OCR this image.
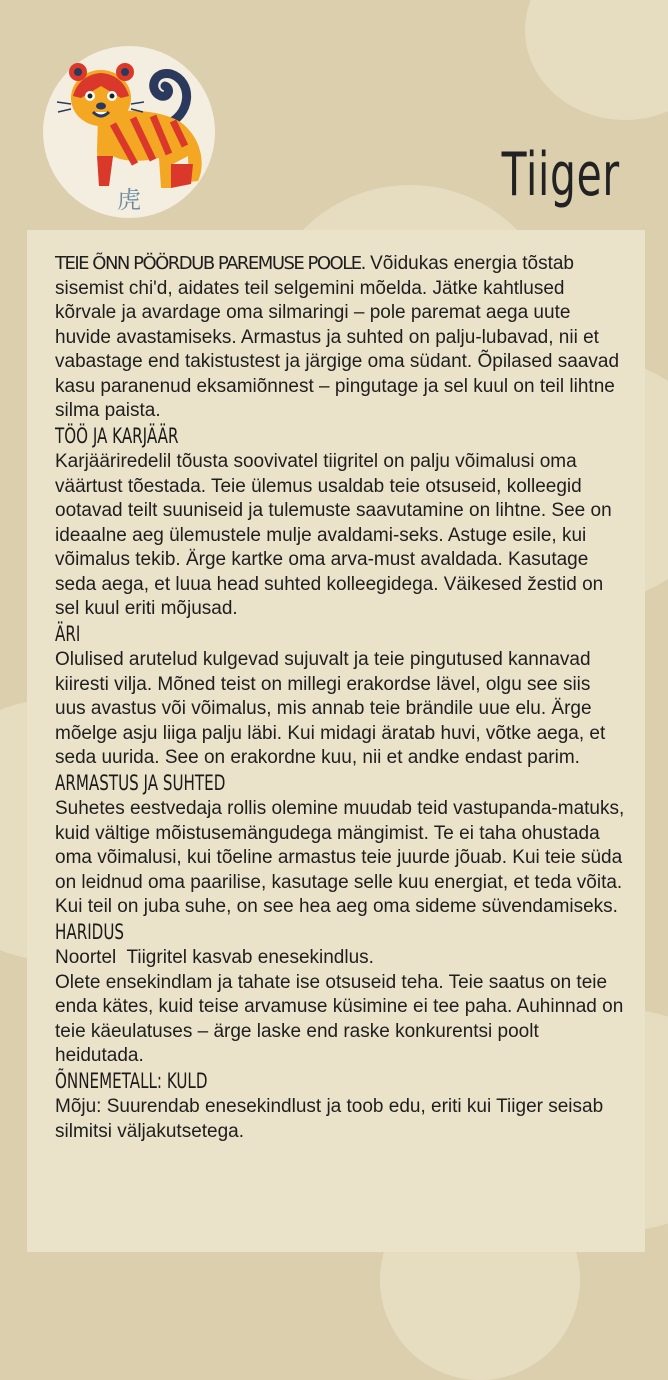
虎	Tiiger

TEIE ÕNN PÖÖRDUB PAREMUSE POOLE. Võidukas energia tõstab sisemist chi'd, aidates teil selgemini mõelda. Jätke kahtlused kõrvale ja avardage oma silmaringi – pole paremat aega uute huvide avastamiseks. Armastus ja suhted on palju-lubavad, nii et vabastage end takistustest ja järgige oma südant. Õpilased saavad kasu paranenud eksamiõnnest – pingutage ja sel kuul on teil lihtne silma paista.

TÖÖ JA KARJÄÄR

Karjääriredelil tõusta soovivatel tiigritel on palju võimalusi oma väärtust tõestada. Teie ülemus usaldab teie otsuseid, kolleegid ootavad teilt suuniseid ja tulemuste saavutamine on lihtne. See on ideaalne aeg ülemustele mulje avaldami-seks. Astuge esile, kui võimalus tekib. Ärge kartke oma arva-must avaldada. Kasutage seda aega, et luua head suhted kolleegidega. Väikesed žestid on sel kuul eriti mõjusad.

ÄRI

Olulised arutelud kulgevad sujuvalt ja teie pingutused kannavad kiiresti vilja. Mõned teist on millegi erakordse lävel, olgu see siis uus avastus või võimalus, mis annab teie brändile uue elu. Ärge mõelge asju liiga palju läbi. Kui midagi äratab huvi, võtke aega, et seda uurida. See on erakordne kuu, nii et andke endast parim.

ARMASTUS JA SUHTED

Suhetes eestvedaja rollis olemine muudab teid vastupanda-matuks, kuid vältige mõistusemängudega mängimist. Te ei taha ohustada oma võimalusi, kui tõeline armastus teie juurde jõuab. Kui teie süda on leidnud oma paarilise, kasutage selle kuu energiat, et teda võita. Kui teil on juba suhe, on see hea aeg oma sideme süvendamiseks.

HARIDUS

Noortel  Tiigritel kasvab enesekindlus.

Olete ensekindlam ja tahate ise otsuseid teha. Teie saatus on teie enda kätes, kuid teise arvamuse küsimine ei tee paha. Auhinnad on teie käeulatuses – ärge laske end raske konkurentsi poolt heidutada.

ÕNNEMETALL: KULD

Mõju: Suurendab enesekindlust ja toob edu, eriti kui Tiiger seisab silmitsi väljakutsetega.
